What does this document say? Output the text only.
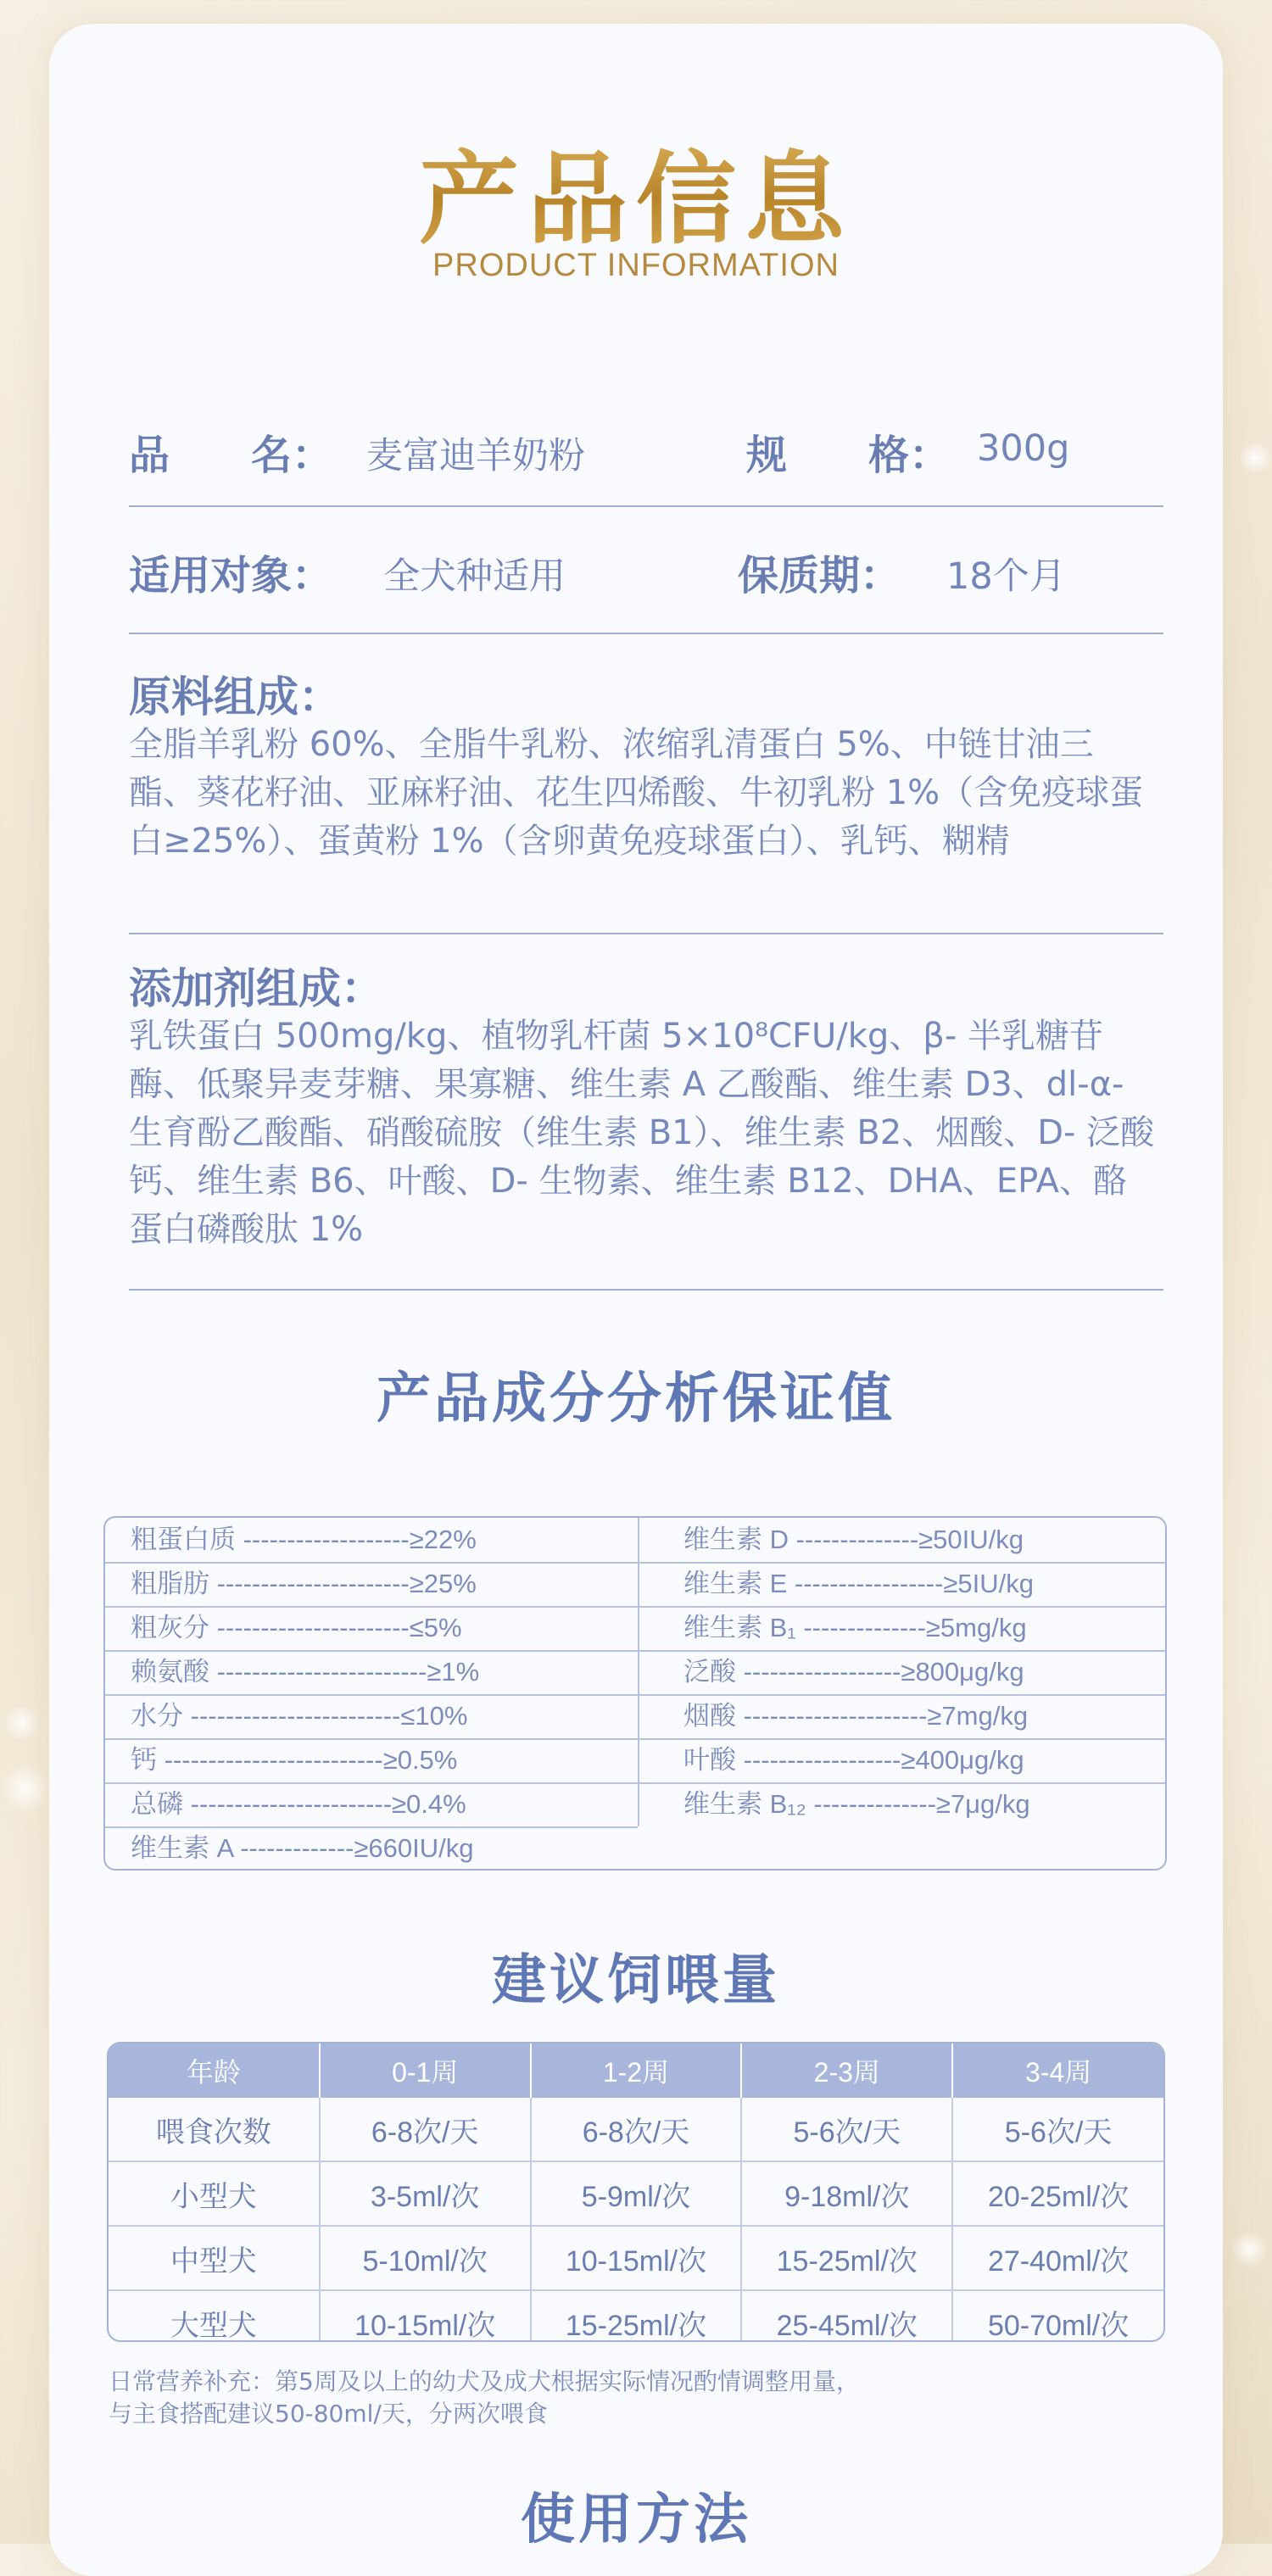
产品信息
PRODUCT INFORMATION
品　　名： 麦富迪羊奶粉	规　　格： 300g
适用对象： 全犬种适用	保质期： 18个月
原料组成：
全脂羊乳粉 60%、全脂牛乳粉、浓缩乳清蛋白 5%、中链甘油三酯、葵花籽油、亚麻籽油、花生四烯酸、牛初乳粉 1%（含免疫球蛋白≥25%）、蛋黄粉 1%（含卵黄免疫球蛋白）、乳钙、糊精
添加剂组成：
乳铁蛋白 500mg/kg、植物乳杆菌 5×10⁸CFU/kg、β- 半乳糖苷酶、低聚异麦芽糖、果寡糖、维生素 A 乙酸酯、维生素 D3、dl-α- 生育酚乙酸酯、硝酸硫胺（维生素 B1）、维生素 B2、烟酸、D- 泛酸钙、维生素 B6、叶酸、D- 生物素、维生素 B12、DHA、EPA、酪蛋白磷酸肽 1%
产品成分分析保证值
粗蛋白质 -------------------≥22%
粗脂肪 ----------------------≥25%
粗灰分 ----------------------≤5%
赖氨酸 ------------------------≥1%
水分 ------------------------≤10%
钙 -------------------------≥0.5%
总磷 -----------------------≥0.4%
维生素 A -------------≥660IU/kg
维生素 D --------------≥50IU/kg
维生素 E -----------------≥5IU/kg
维生素 B₁ --------------≥5mg/kg
泛酸 ------------------≥800μg/kg
烟酸 ---------------------≥7mg/kg
叶酸 ------------------≥400μg/kg
维生素 B₁₂ --------------≥7μg/kg
建议饲喂量
年龄	0-1周	1-2周	2-3周	3-4周
喂食次数	6-8次/天	6-8次/天	5-6次/天	5-6次/天
小型犬	3-5ml/次	5-9ml/次	9-18ml/次	20-25ml/次
中型犬	5-10ml/次	10-15ml/次	15-25ml/次	27-40ml/次
大型犬	10-15ml/次	15-25ml/次	25-45ml/次	50-70ml/次
日常营养补充：第5周及以上的幼犬及成犬根据实际情况酌情调整用量，
与主食搭配建议50-80ml/天，分两次喂食
使用方法
